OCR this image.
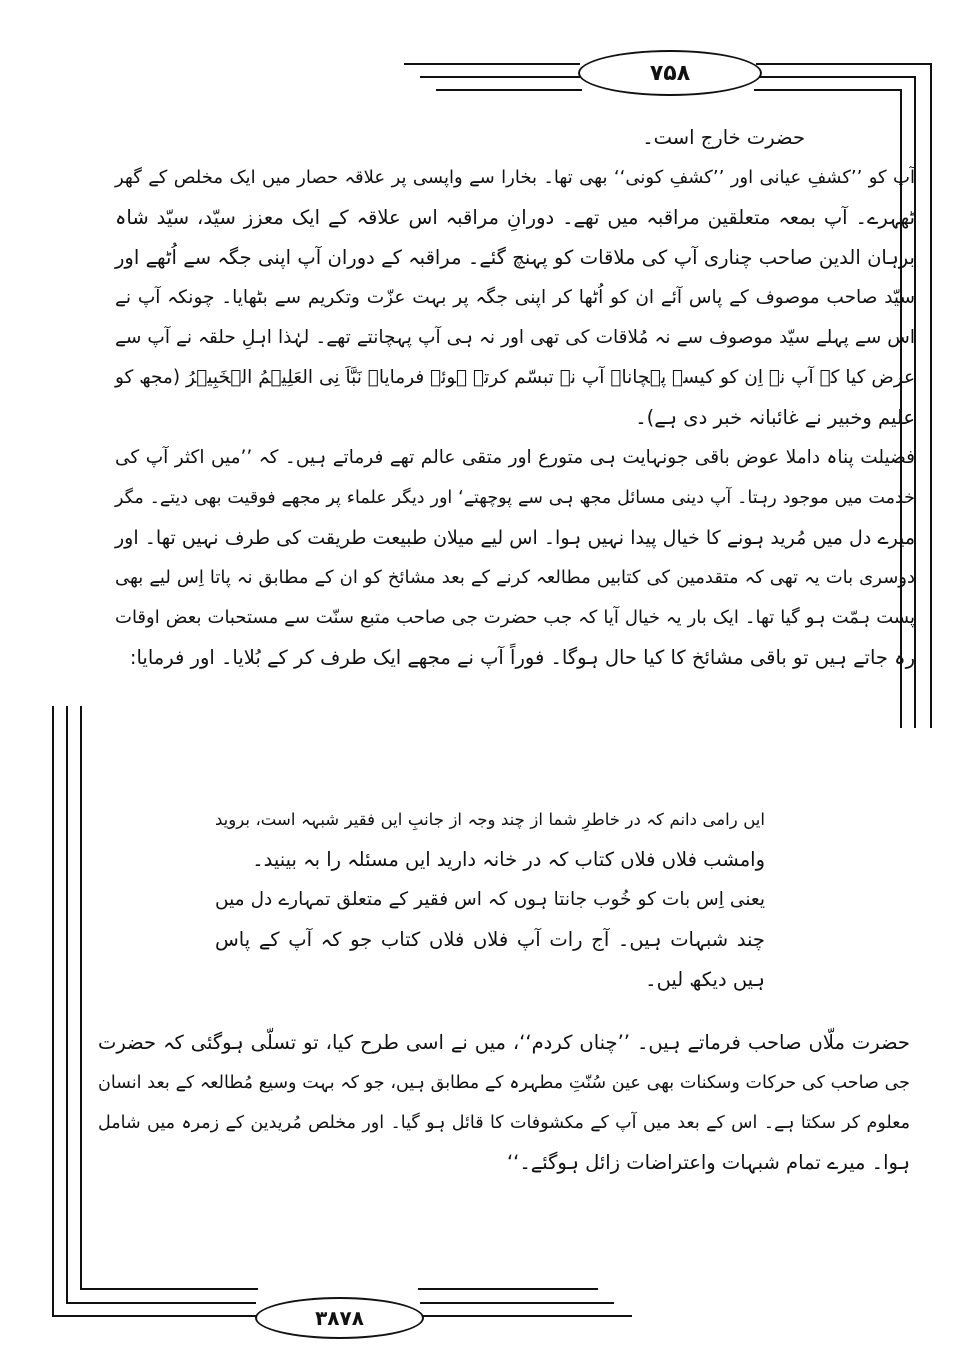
۷۵۸
۳۸۷۸
حضرت خارج است۔
آپ کو ’’کشفِ عیانی اور ’’کشفِ کونی‘‘ بھی تھا۔ بخارا سے واپسی پر علاقہ حصار میں ایک مخلص کے گھر
ٹھہرے۔ آپ بمعہ متعلقین مراقبہ میں تھے۔ دورانِ مراقبہ اس علاقہ کے ایک معزز سیّد، سیّد شاہ
برہان الدین صاحب چناری آپ کی ملاقات کو پہنچ گئے۔ مراقبہ کے دوران آپ اپنی جگہ سے اُٹھے اور
سیّد صاحب موصوف کے پاس آئے ان کو اُٹھا کر اپنی جگہ پر بہت عزّت وتکریم سے بٹھایا۔ چونکہ آپ نے
اس سے پہلے سیّد موصوف سے نہ مُلاقات کی تھی اور نہ ہی آپ پہچانتے تھے۔ لہٰذا اہلِ حلقہ نے آپ سے
عرض کیا کہ آپ نے اِن کو کیسے پہچانا۔ آپ نے تبسّم کرتے ہوئے فرمایا۔ نَبَّاَ نِی العَلِیۡمُ الۡخَبِیۡرُ (مجھ کو
علیم وخبیر نے غائبانہ خبر دی ہے)۔
فضیلت پناہ داملا عوض باقی جونہایت ہی متورع اور متقی عالم تھے فرماتے ہیں۔ کہ ’’میں اکثر آپ کی
خدمت میں موجود رہتا۔ آپ دینی مسائل مجھ ہی سے پوچھتے‘ اور دیگر علماء پر مجھے فوقیت بھی دیتے۔ مگر
میرے دل میں مُرید ہونے کا خیال پیدا نہیں ہوا۔ اس لیے میلان طبیعت طریقت کی طرف نہیں تھا۔ اور
دوسری بات یہ تھی کہ متقدمین کی کتابیں مطالعہ کرنے کے بعد مشائخ کو ان کے مطابق نہ پاتا اِس لیے بھی
پست ہمّت ہو گیا تھا۔ ایک بار یہ خیال آیا کہ جب حضرت جی صاحب متبع سنّت سے مستحبات بعض اوقات
رہ جاتے ہیں تو باقی مشائخ کا کیا حال ہوگا۔ فوراً آپ نے مجھے ایک طرف کر کے بُلایا۔ اور فرمایا:
ایں رامی دانم کہ در خاطرِ شما از چند وجہ از جانبِ ایں فقیر شبہہ است، بروید
وامشب فلاں فلاں کتاب کہ در خانہ دارید ایں مسئلہ را بہ بینید۔
یعنی اِس بات کو خُوب جانتا ہوں کہ اس فقیر کے متعلق تمہارے دل میں
چند شبہات ہیں۔ آج رات آپ فلاں فلاں کتاب جو کہ آپ کے پاس
ہیں دیکھ لیں۔
حضرت ملّاں صاحب فرماتے ہیں۔ ’’چناں کردم‘‘، میں نے اسی طرح کیا، تو تسلّی ہوگئی کہ حضرت
جی صاحب کی حرکات وسکنات بھی عین سُنّتِ مطہرہ کے مطابق ہیں، جو کہ بہت وسیع مُطالعہ کے بعد انسان
معلوم کر سکتا ہے۔ اس کے بعد میں آپ کے مکشوفات کا قائل ہو گیا۔ اور مخلص مُریدین کے زمرہ میں شامل
ہوا۔ میرے تمام شبہات واعتراضات زائل ہوگئے۔‘‘
